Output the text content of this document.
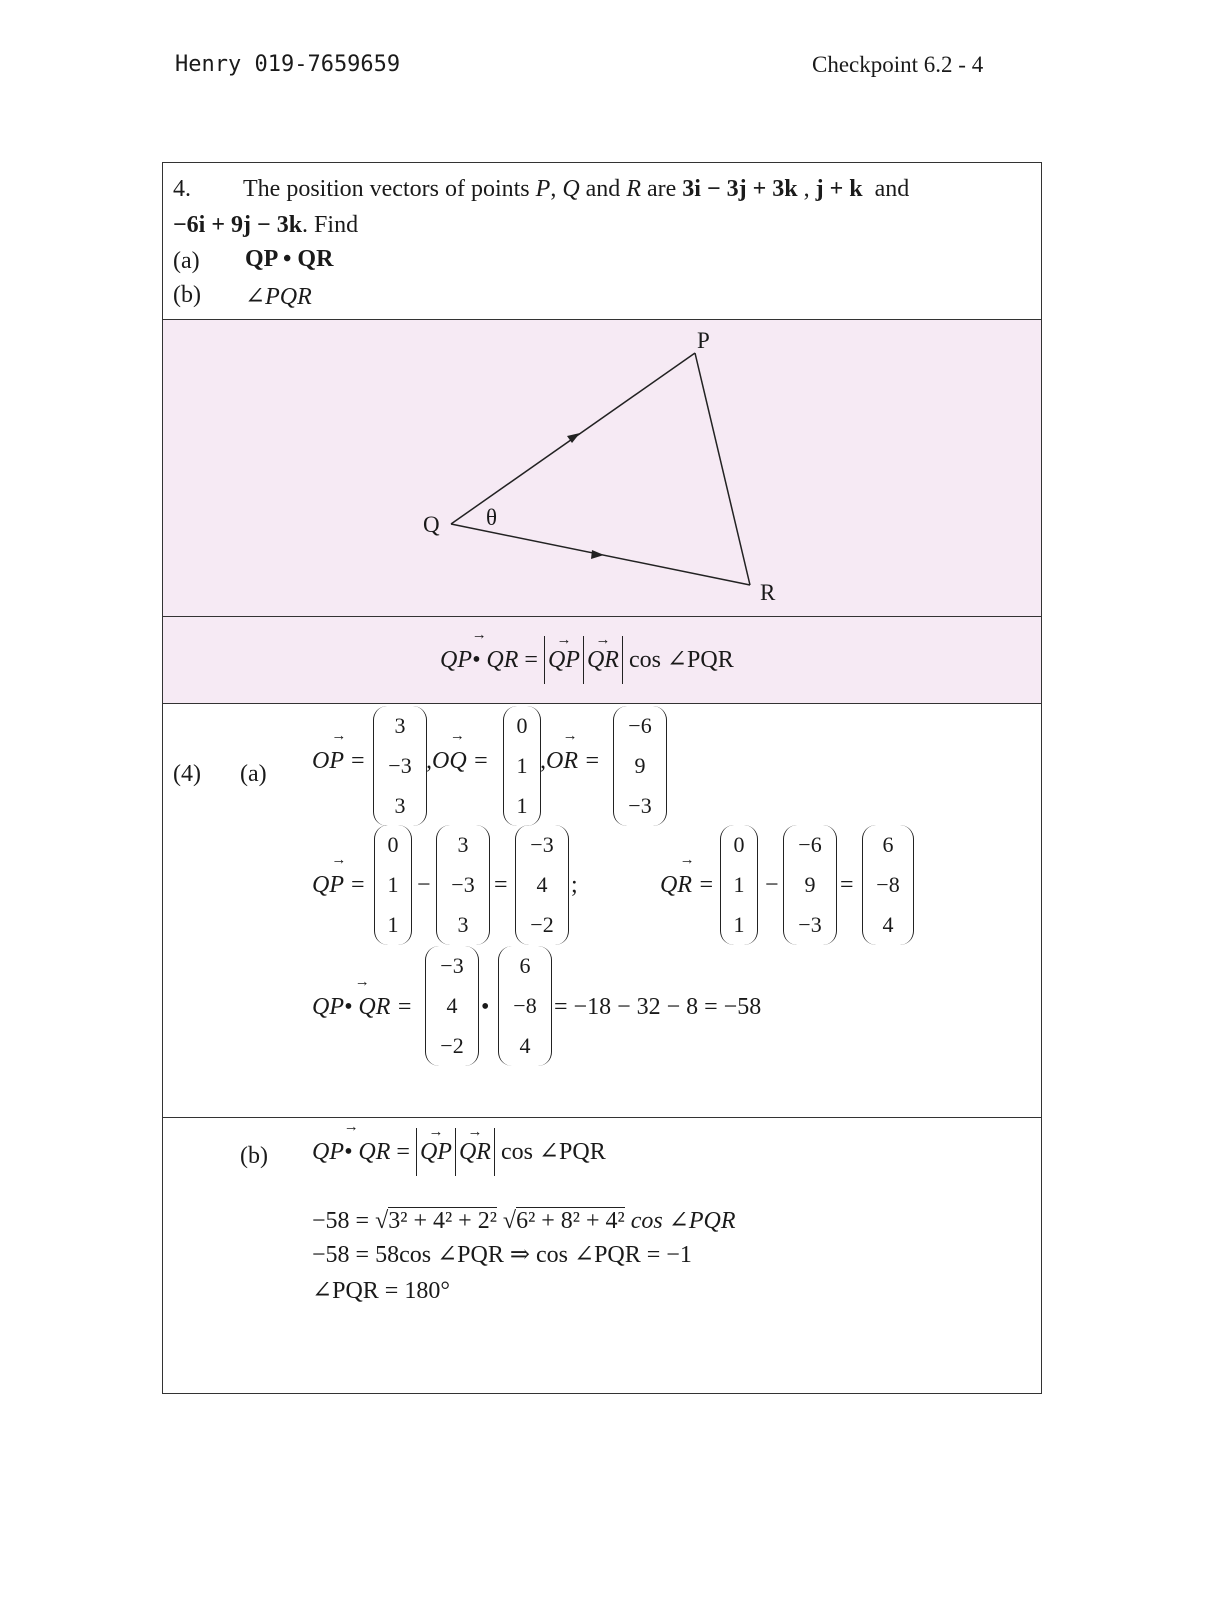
Henry 019-7659659	Checkpoint 6.2 - 4
4. The position vectors of points P, Q and R are 3i − 3j + 3k , j + k and
−6i + 9j − 3k. Find
(a) QP • QR
(b) ∠PQR
P
Q
R
θ
→ QP• QR = → QP → QR cos ∠PQR
(4) (a) → OP =
3
−3
3
→ ,OQ =
0
1
1
→ ,OR =
−6
9
−3
→ QP =
0
1
1
−
3
−3
3
=
−3
4
−2
;	→ QR =
0
1
1
−
−6
9
−3
=
6
−8
4
→ QP• QR =
−3
4
−2
•
6
−8
4
= −18 − 32 − 8 = −58
(b) → QP• QR = → QP → QR cos ∠PQR
−58 = √3² + 4² + 2² √6² + 8² + 4² cos ∠PQR
−58 = 58cos ∠PQR ⇒ cos ∠PQR = −1
∠PQR = 180°
